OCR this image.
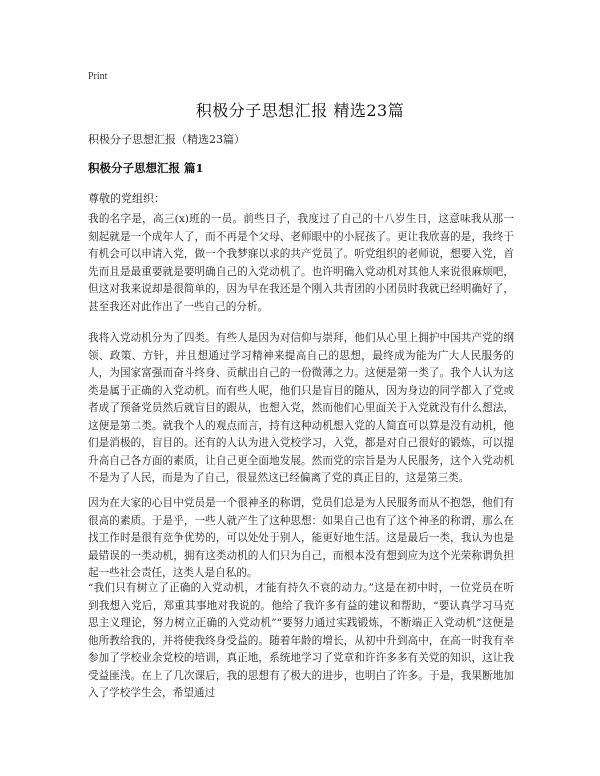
Print
积极分子思想汇报 精选23篇
积极分子思想汇报（精选23篇）
积极分子思想汇报 篇1
尊敬的党组织：
我的名字是，高三(x)班的一员。前些日子，我度过了自己的十八岁生日，这意味我从那一刻起就是一个成年人了，而不再是个父母、老师眼中的小屁孩了。更让我欣喜的是，我终于有机会可以申请入党，做一个我梦寐以求的共产党员了。听党组织的老师说，想要入党，首先而且是最重要就是要明确自己的入党动机了。也许明确入党动机对其他人来说很麻烦吧，但这对我来说却是很简单的，因为早在我还是个刚入共青团的小团员时我就已经明确好了，甚至我还对此作出了一些自己的分析。
我将入党动机分为了四类。有些人是因为对信仰与崇拜，他们从心里上拥护中国共产党的纲领、政策、方针，并且想通过学习精神来提高自己的思想，最终成为能为广大人民服务的人，为国家富强而奋斗终身、贡献出自己的一份微薄之力。这便是第一类了。我个人认为这类是属于正确的入党动机。而有些人呢，他们只是盲目的随从，因为身边的同学都入了党或者成了预备党员然后就盲目的跟从，也想入党，然而他们心里面关于入党就没有什么想法，这便是第二类。就我个人的观点而言，持有这种动机想入党的人简直可以算是没有动机，他们是消极的，盲目的。还有的人认为进入党校学习，入党，都是对自己很好的锻炼，可以提升高自己各方面的素质，让自己更全面地发展。然而党的宗旨是为人民服务，这个入党动机不是为了人民，而是为了自己，很显然这已经偏离了党的真正目的，这是第三类。
因为在大家的心目中党员是一个很神圣的称谓，党员们总是为人民服务而从不抱怨，他们有很高的素质。于是乎，一些人就产生了这种思想：如果自己也有了这个神圣的称谓，那么在找工作时是很有竞争优势的，可以处处于别人，能更好地生活。这是最后一类，我认为也是最错误的一类动机，拥有这类动机的人们只为自己，而根本没有想到应为这个光荣称谓负担起一些社会责任，这类人是自私的。
“我们只有树立了正确的入党动机，才能有持久不衰的动力。”这是在初中时，一位党员在听到我想入党后，郑重其事地对我说的。他给了我许多有益的建议和帮助，“要认真学习马克思主义理论，努力树立正确的入党动机”“要努力通过实践锻炼，不断端正入党动机”这便是他所教给我的，并将使我终身受益的。随着年龄的增长，从初中升到高中，在高一时我有幸参加了学校业余党校的培训，真正地，系统地学习了党章和许许多多有关党的知识，这让我受益匪浅。在上了几次课后，我的思想有了极大的进步，也明白了许多。于是，我果断地加入了学校学生会，希望通过
